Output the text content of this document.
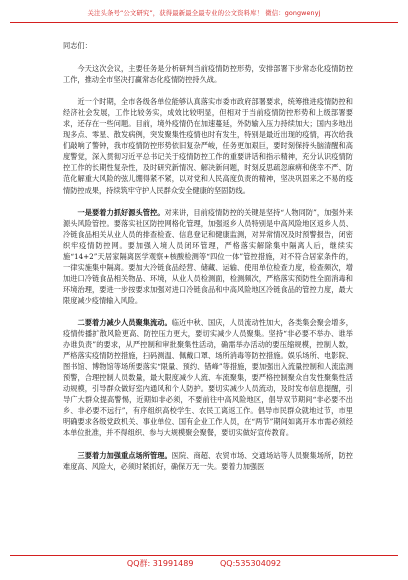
关注头条号“公文研究”，获得最新最全最专业的公文资料库！ 微信：gongwenyj

同志们：

今天这次会议，主要任务是分析研判当前疫情防控形势，安排部署下步常态化疫情防控工作，推动全市坚决打赢常态化疫情防控持久战。

近一个时期，全市各级各单位能够认真落实市委市政府部署要求，统筹推进疫情防控和经济社会发展，工作比较务实，成效比较明显，但相对于当前疫情防控形势和上级部署要求，还存在一些问题。目前，境外疫情仍在加速蔓延，外防输入压力持续加大；国内多地出现多点、零星、散发病例，突发聚集性疫情也时有发生，特别是最近出现的疫情，再次给我们敲响了警钟，我市疫情防控形势依旧复杂严峻，任务更加艰巨，要时刻保持头脑清醒和高度警觉，深入贯彻习近平总书记关于疫情防控工作的重要讲话和指示精神，充分认识疫情防控工作的长期性复杂性，及时研究新情况、解决新问题，时刻反思疏忽麻痹和侥幸不严、防范化解重大风险的弦儿绷得紧不紧，以对党和人民高度负责的精神，坚决巩固来之不易的疫情防控成果，持续筑牢守护人民群众安全健康的坚固防线。

一是要着力抓好源头管控。对来讲，目前疫情防控的关键是坚持“人物同防”，加强外来源头风险管控。要落实社区防控网格化管理，加强返乡人员特别是中高风险地区返乡人员、冷链食品相关从业人员的排查检查、信息登记和健康监测，对异常情况及时预警报告，闭密织牢疫情防控网。要加强入境人员闭环管理，严格落实解除集中隔离人后，继续实施“14+2”天居家隔离医学观察+核酸检测等“四位一体”管控措施，对不符合居家条件的，一律实施集中隔离。要加大冷链食品经营、储藏、运输、使用单位检查力度，检查频次，增加进口冷链食品相关物品、环境，从业人员检测面，检测频次，严格落实预防性全面消毒和环境治理，要进一步按要求加强对进口冷链食品和中高风险地区冷链食品的管控力度，最大限度减少疫情输入风险。

二要着力减少人员聚集流动。临近中秋、国庆，人员流动性加大，各类集会聚会增多，疫情传播扩散风险更高、防控压力更大，要切实减少人员聚集。坚持“非必要不举办、谁举办谁负责”的要求，从严控制和审批聚集性活动，确需举办活动的要压缩规模，控制人数，严格落实疫情防控措施，扫码测温、佩戴口罩、场所消毒等防控措施。娱乐场所、电影院、图书馆、博物馆等场所要落实“限量、预约、错峰”等措施，要加强出入流量控制和人流监测预警，合理控制人员数量，最大限度减少人流、车流聚集，要严格控制聚众自发性聚集性活动规模，引导群众做好室内通风和个人防护。要切实减少人员流动，及时发布信息提醒，引导广大群众提高警惕，近期如非必须，不要前往中高风险地区，倡导双节期间“非必要不出乡、非必要不远行”，有序组织高校学生、农民工离返工作。倡导市民群众就地过节，市里明确要求各级党政机关、事业单位、国有企业工作人员，在“两节”期间如离开本市需必须经本单位批准，并不得组织、参与大规模聚会聚餐，要切实做好宣传教育。

三要着力加强重点场所管理。医院、商超、农贸市场、交通场站等人员聚集场所，防控难度高、风险大，必须时紧抓好，确保万无一失。要着力加强医

QQ群: 31991489	QQ:535304092
